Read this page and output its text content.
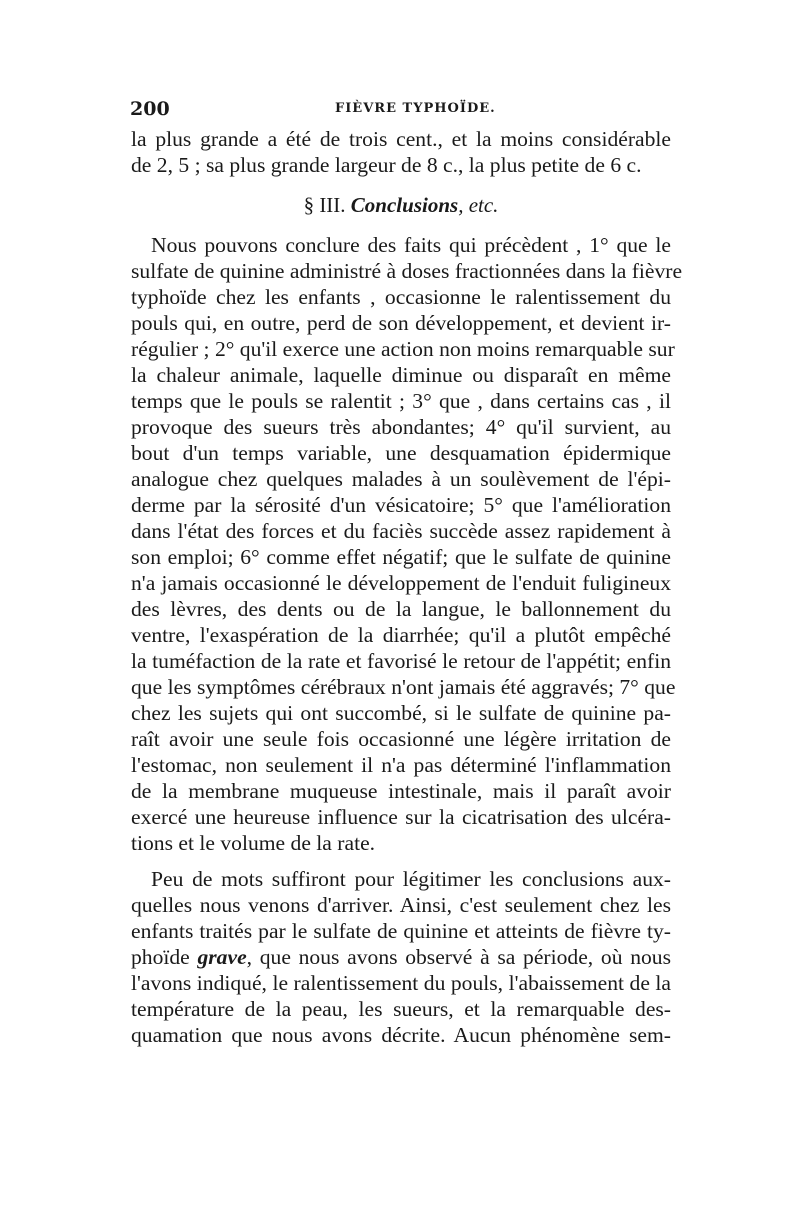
200	FIÈVRE TYPHOÏDE.
la plus grande a été de trois cent., et la moins considérable
de 2, 5 ; sa plus grande largeur de 8 c., la plus petite de 6 c.
§ III. Conclusions, etc.
Nous pouvons conclure des faits qui précèdent , 1° que le
sulfate de quinine administré à doses fractionnées dans la fièvre
typhoïde chez les enfants , occasionne le ralentissement du
pouls qui, en outre, perd de son développement, et devient ir-
régulier ; 2° qu'il exerce une action non moins remarquable sur
la chaleur animale, laquelle diminue ou disparaît en même
temps que le pouls se ralentit ; 3° que , dans certains cas , il
provoque des sueurs très abondantes; 4° qu'il survient, au
bout d'un temps variable, une desquamation épidermique
analogue chez quelques malades à un soulèvement de l'épi-
derme par la sérosité d'un vésicatoire; 5° que l'amélioration
dans l'état des forces et du faciès succède assez rapidement à
son emploi; 6° comme effet négatif; que le sulfate de quinine
n'a jamais occasionné le développement de l'enduit fuligineux
des lèvres, des dents ou de la langue, le ballonnement du
ventre, l'exaspération de la diarrhée; qu'il a plutôt empêché
la tuméfaction de la rate et favorisé le retour de l'appétit; enfin
que les symptômes cérébraux n'ont jamais été aggravés; 7° que
chez les sujets qui ont succombé, si le sulfate de quinine pa-
raît avoir une seule fois occasionné une légère irritation de
l'estomac, non seulement il n'a pas déterminé l'inflammation
de la membrane muqueuse intestinale, mais il paraît avoir
exercé une heureuse influence sur la cicatrisation des ulcéra-
tions et le volume de la rate.
Peu de mots suffiront pour légitimer les conclusions aux-
quelles nous venons d'arriver. Ainsi, c'est seulement chez les
enfants traités par le sulfate de quinine et atteints de fièvre ty-
phoïde grave, que nous avons observé à sa période, où nous
l'avons indiqué, le ralentissement du pouls, l'abaissement de la
température de la peau, les sueurs, et la remarquable des-
quamation que nous avons décrite. Aucun phénomène sem-
